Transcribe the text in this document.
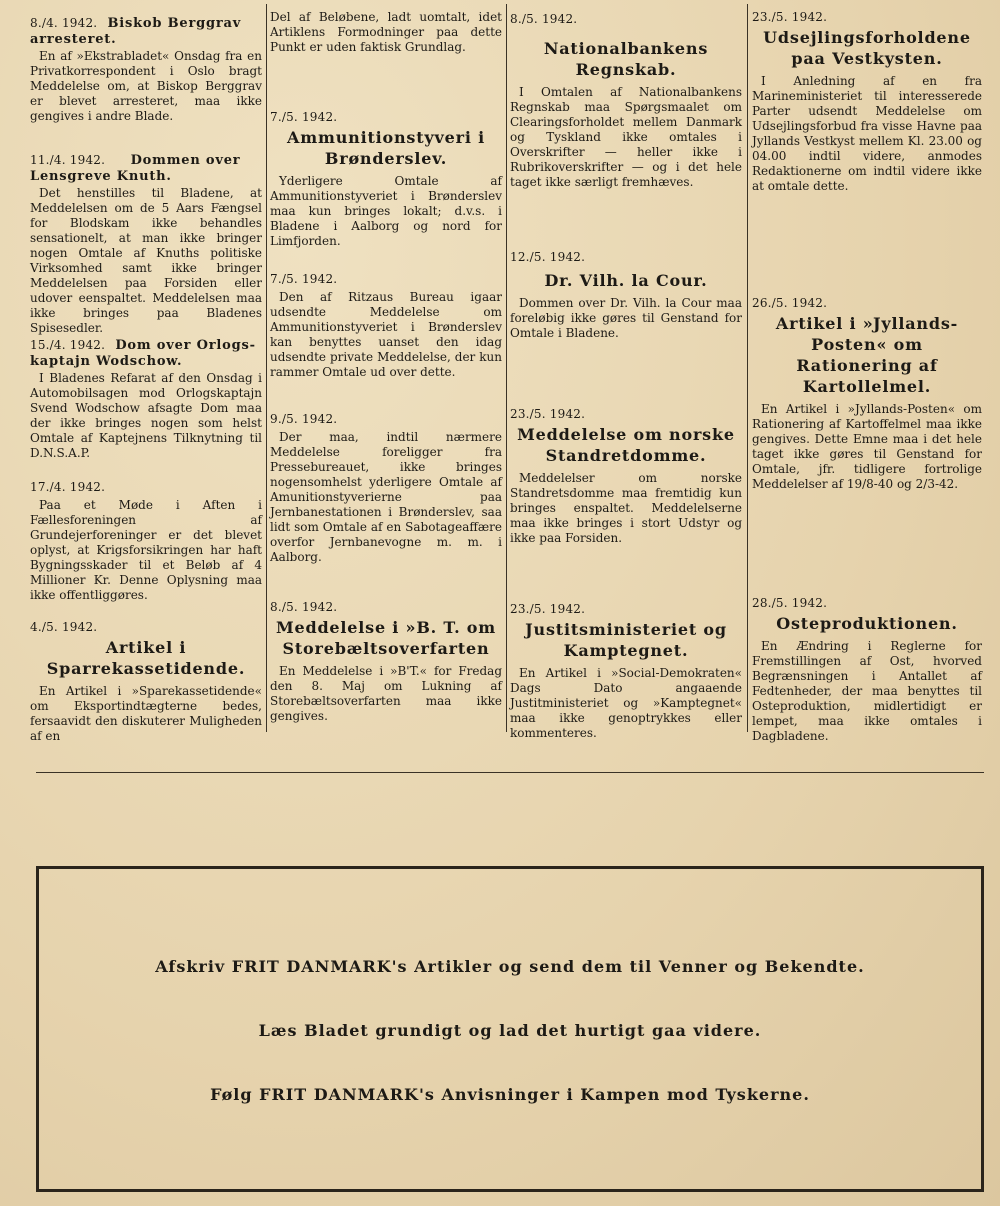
8./4. 1942. Biskob Berggrav
arresteret.
En af »Ekstrabladet« Onsdag fra en Privatkorrespondent i Oslo bragt Meddelelse om, at Biskop Berggrav er blevet arresteret, maa ikke gengives i andre Blade.
11./4. 1942. Dommen over
Lensgreve Knuth.
Det henstilles til Bladene, at Meddelelsen om de 5 Aars Fængsel for Blodskam ikke behandles sensationelt, at man ikke bringer nogen Omtale af Knuths politiske Virksomhed samt ikke bringer Meddelelsen paa Forsiden eller udover eenspaltet. Meddelelsen maa ikke bringes paa Bladenes Spisesedler.
15./4. 1942. Dom over Orlogs-
kaptajn Wodschow.
I Bladenes Refarat af den Onsdag i Automobilsagen mod Orlogskaptajn Svend Wodschow afsagte Dom maa der ikke bringes nogen som helst Omtale af Kaptejnens Tilknytning til D.N.S.A.P.
17./4. 1942.
Paa et Møde i Aften i Fællesforeningen af Grundejerforeninger er det blevet oplyst, at Krigsforsikringen har haft Bygningsskader til et Beløb af 4 Millioner Kr. Denne Oplysning maa ikke offentliggøres.
4./5. 1942.
Artikel i Sparrekassetidende.
En Artikel i »Sparekassetidende« om Eksportindtægterne bedes, fersaavidt den diskuterer Muligheden af en
Del af Beløbene, ladt uomtalt, idet Artiklens Formodninger paa dette Punkt er uden faktisk Grundlag.
7./5. 1942.
Ammunitionstyveri i Brønderslev.
Yderligere Omtale af Ammunitionstyveriet i Brønderslev maa kun bringes lokalt; d.v.s. i Bladene i Aalborg og nord for Limfjorden.
7./5. 1942.
Den af Ritzaus Bureau igaar udsendte Meddelelse om Ammunitionstyveriet i Brønderslev kan benyttes uanset den idag udsendte private Meddelelse, der kun rammer Omtale ud over dette.
9./5. 1942.
Der maa, indtil nærmere Meddelelse foreligger fra Pressebureauet, ikke bringes nogensomhelst yderligere Omtale af Amunitionstyverierne paa Jernbanestationen i Brønderslev, saa lidt som Omtale af en Sabotageaffære overfor Jernbanevogne m. m. i Aalborg.
8./5. 1942.
Meddelelse i »B. T. om Storebæltsoverfarten
En Meddelelse i »B'T.« for Fredag den 8. Maj om Lukning af Storebæltsoverfarten maa ikke gengives.
8./5. 1942.
Nationalbankens Regnskab.
I Omtalen af Nationalbankens Regnskab maa Spørgsmaalet om Clearingsforholdet mellem Danmark og Tyskland ikke omtales i Overskrifter — heller ikke i Rubrikoverskrifter — og i det hele taget ikke særligt fremhæves.
12./5. 1942.
Dr. Vilh. la Cour.
Dommen over Dr. Vilh. la Cour maa foreløbig ikke gøres til Genstand for Omtale i Bladene.
23./5. 1942.
Meddelelse om norske Standretdomme.
Meddelelser om norske Standretsdomme maa fremtidig kun bringes enspaltet. Meddelelserne maa ikke bringes i stort Udstyr og ikke paa Forsiden.
23./5. 1942.
Justitsministeriet og Kamptegnet.
En Artikel i »Social-Demokraten« Dags Dato angaaende Justitministeriet og »Kamptegnet« maa ikke genoptrykkes eller kommenteres.
23./5. 1942.
Udsejlingsforholdene paa Vestkysten.
I Anledning af en fra Marineministeriet til interesserede Parter udsendt Meddelelse om Udsejlingsforbud fra visse Havne paa Jyllands Vestkyst mellem Kl. 23.00 og 04.00 indtil videre, anmodes Redaktionerne om indtil videre ikke at omtale dette.
26./5. 1942.
Artikel i »Jyllands-Posten« om Rationering af Kartollelmel.
En Artikel i »Jyllands-Posten« om Rationering af Kartoffelmel maa ikke gengives. Dette Emne maa i det hele taget ikke gøres til Genstand for Omtale, jfr. tidligere fortrolige Meddelelser af 19/8-40 og 2/3-42.
28./5. 1942.
Osteproduktionen.
En Ændring i Reglerne for Fremstillingen af Ost, hvorved Begrænsningen i Antallet af Fedtenheder, der maa benyttes til Osteproduktion, midlertidigt er lempet, maa ikke omtales i Dagbladene.
Afskriv FRIT DANMARK's Artikler og send dem til Venner og Bekendte.
Læs Bladet grundigt og lad det hurtigt gaa videre.
Følg FRIT DANMARK's Anvisninger i Kampen mod Tyskerne.
